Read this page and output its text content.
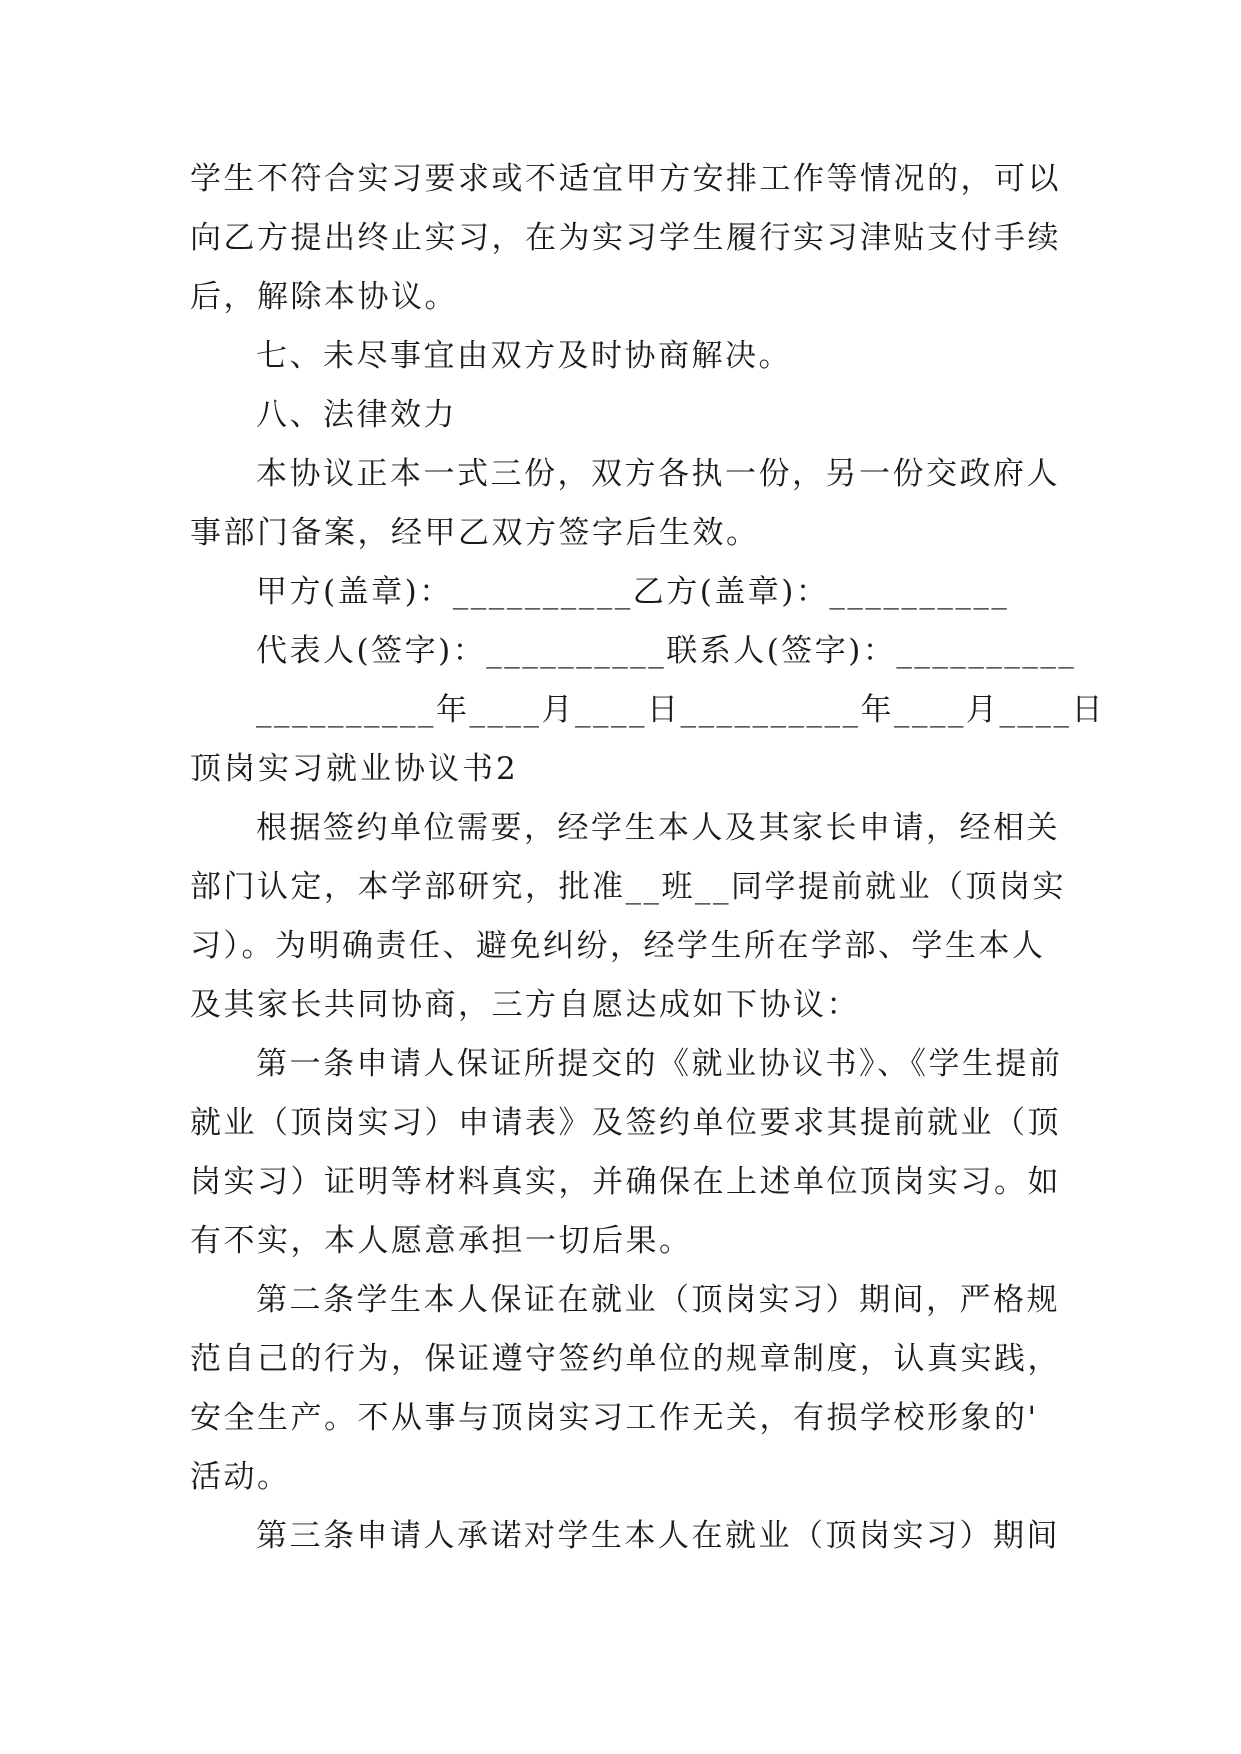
学生不符合实习要求或不适宜甲方安排工作等情况的，可以
向乙方提出终止实习，在为实习学生履行实习津贴支付手续
后，解除本协议。
七、未尽事宜由双方及时协商解决。
八、法律效力
本协议正本一式三份，双方各执一份，另一份交政府人
事部门备案，经甲乙双方签字后生效。
甲方(盖章)：__________乙方(盖章)：__________
代表人(签字)：__________联系人(签字)：__________
__________年____月____日__________年____月____日
顶岗实习就业协议书2
根据签约单位需要，经学生本人及其家长申请，经相关
部门认定，本学部研究，批准__班__同学提前就业（顶岗实
习）。为明确责任、避免纠纷，经学生所在学部、学生本人
及其家长共同协商，三方自愿达成如下协议：
第一条申请人保证所提交的《就业协议书》、《学生提前
就业（顶岗实习）申请表》及签约单位要求其提前就业（顶
岗实习）证明等材料真实，并确保在上述单位顶岗实习。如
有不实，本人愿意承担一切后果。
第二条学生本人保证在就业（顶岗实习）期间，严格规
范自己的行为，保证遵守签约单位的规章制度，认真实践，
安全生产。不从事与顶岗实习工作无关，有损学校形象的'
活动。
第三条申请人承诺对学生本人在就业（顶岗实习）期间
